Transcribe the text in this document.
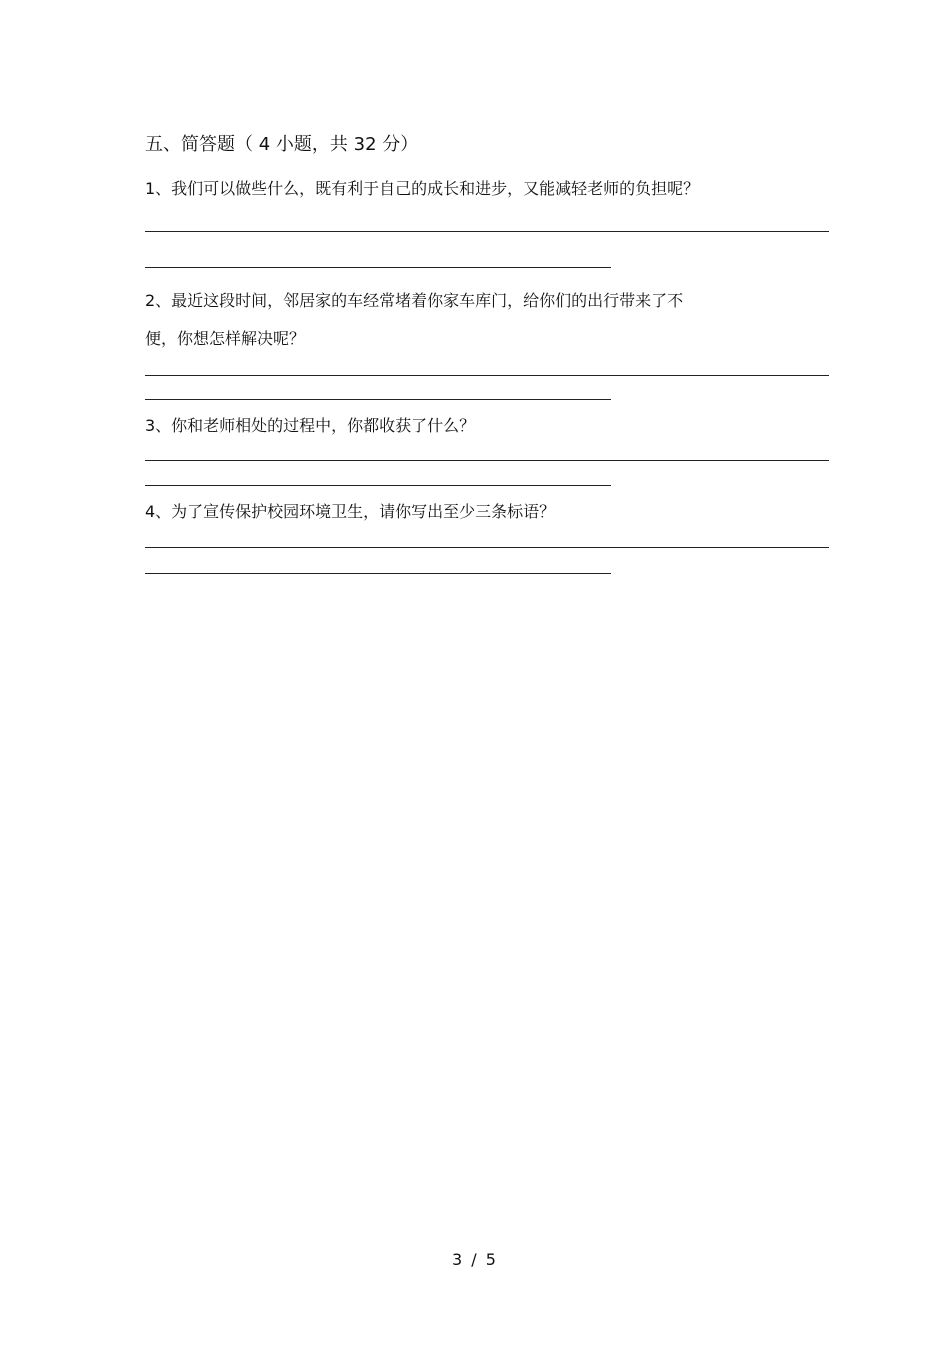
五、简答题（ 4 小题，共 32 分）
1、我们可以做些什么，既有利于自己的成长和进步，又能减轻老师的负担呢？
2、最近这段时间，邻居家的车经常堵着你家车库门，给你们的出行带来了不
便，你想怎样解决呢？
3、你和老师相处的过程中，你都收获了什么？
4、为了宣传保护校园环境卫生，请你写出至少三条标语？
3 / 5
